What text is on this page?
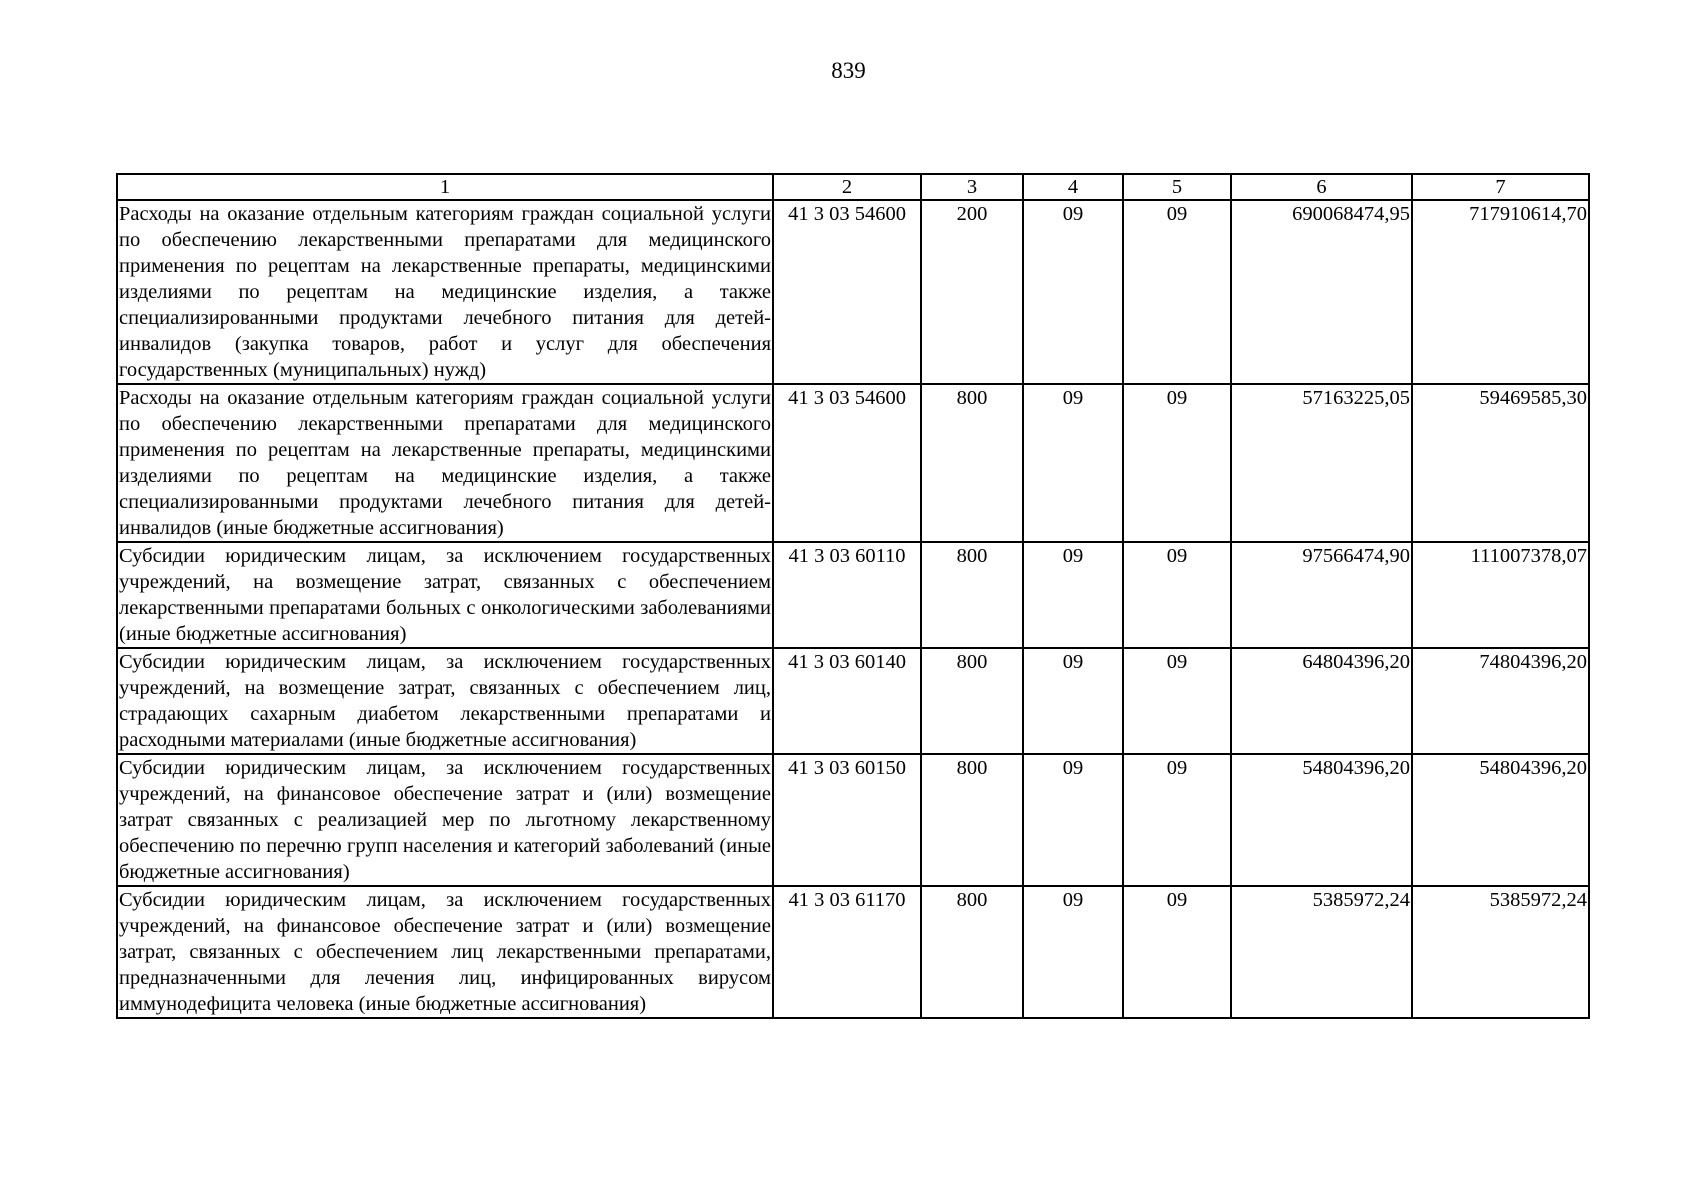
839
1	2	3	4	5	6	7
Расходы на оказание отдельным категориям граждан социальной услуги по обеспечению лекарственными препаратами для медицинского применения по рецептам на лекарственные препараты, медицинскими изделиями по рецептам на медицинские изделия, а также специализированными продуктами лечебного питания для детей-инвалидов (закупка товаров, работ и услуг для обеспечения государственных (муниципальных) нужд)	41 3 03 54600	200	09	09	690068474,95	717910614,70
Расходы на оказание отдельным категориям граждан социальной услуги по обеспечению лекарственными препаратами для медицинского применения по рецептам на лекарственные препараты, медицинскими изделиями по рецептам на медицинские изделия, а также специализированными продуктами лечебного питания для детей-инвалидов (иные бюджетные ассигнования)	41 3 03 54600	800	09	09	57163225,05	59469585,30
Субсидии юридическим лицам, за исключением государственных учреждений, на возмещение затрат, связанных с обеспечением лекарственными препаратами больных с онкологическими заболеваниями (иные бюджетные ассигнования)	41 3 03 60110	800	09	09	97566474,90	111007378,07
Субсидии юридическим лицам, за исключением государственных учреждений, на возмещение затрат, связанных с обеспечением лиц, страдающих сахарным диабетом лекарственными препаратами и расходными материалами (иные бюджетные ассигнования)	41 3 03 60140	800	09	09	64804396,20	74804396,20
Субсидии юридическим лицам, за исключением государственных учреждений, на финансовое обеспечение затрат и (или) возмещение затрат связанных с реализацией мер по льготному лекарственному обеспечению по перечню групп населения и категорий заболеваний (иные бюджетные ассигнования)	41 3 03 60150	800	09	09	54804396,20	54804396,20
Субсидии юридическим лицам, за исключением государственных учреждений, на финансовое обеспечение затрат и (или) возмещение затрат, связанных с обеспечением лиц лекарственными препаратами, предназначенными для лечения лиц, инфицированных вирусом иммунодефицита человека (иные бюджетные ассигнования)	41 3 03 61170	800	09	09	5385972,24	5385972,24
